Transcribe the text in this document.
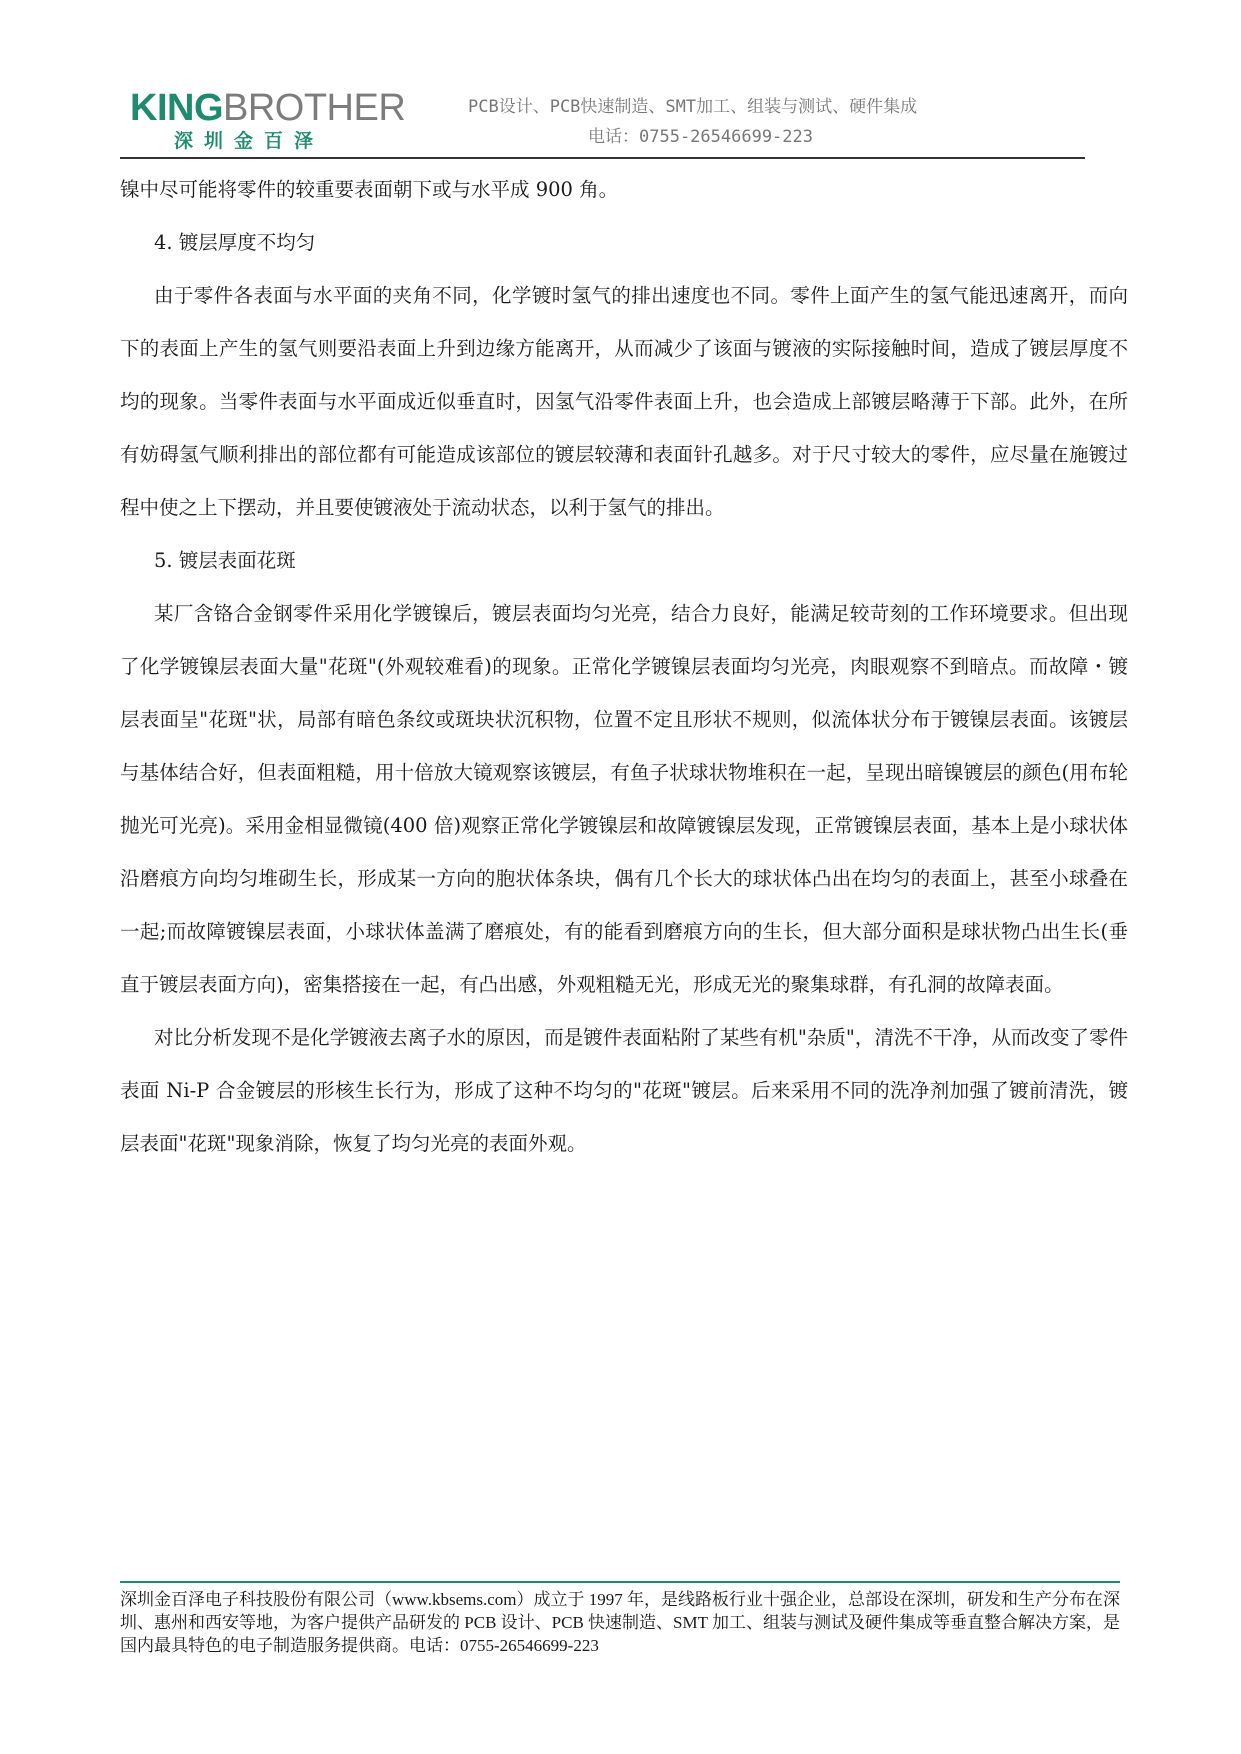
KINGBROTHER
深圳金百泽
PCB设计、PCB快速制造、SMT加工、组装与测试、硬件集成
电话：0755-26546699-223

镍中尽可能将零件的较重要表面朝下或与水平成 900 角。

4. 镀层厚度不均匀

由于零件各表面与水平面的夹角不同，化学镀时氢气的排出速度也不同。零件上面产生的氢气能迅速离开，而向下的表面上产生的氢气则要沿表面上升到边缘方能离开，从而减少了该面与镀液的实际接触时间，造成了镀层厚度不均的现象。当零件表面与水平面成近似垂直时，因氢气沿零件表面上升，也会造成上部镀层略薄于下部。此外，在所有妨碍氢气顺利排出的部位都有可能造成该部位的镀层较薄和表面针孔越多。对于尺寸较大的零件，应尽量在施镀过程中使之上下摆动，并且要使镀液处于流动状态，以利于氢气的排出。

5. 镀层表面花斑

某厂含铬合金钢零件采用化学镀镍后，镀层表面均匀光亮，结合力良好，能满足较苛刻的工作环境要求。但出现了化学镀镍层表面大量"花斑"(外观较难看)的现象。正常化学镀镍层表面均匀光亮，肉眼观察不到暗点。而故障・镀层表面呈"花斑"状，局部有暗色条纹或斑块状沉积物，位置不定且形状不规则，似流体状分布于镀镍层表面。该镀层与基体结合好，但表面粗糙，用十倍放大镜观察该镀层，有鱼子状球状物堆积在一起，呈现出暗镍镀层的颜色(用布轮抛光可光亮)。采用金相显微镜(400 倍)观察正常化学镀镍层和故障镀镍层发现，正常镀镍层表面，基本上是小球状体沿磨痕方向均匀堆砌生长，形成某一方向的胞状体条块，偶有几个长大的球状体凸出在均匀的表面上，甚至小球叠在一起;而故障镀镍层表面，小球状体盖满了磨痕处，有的能看到磨痕方向的生长，但大部分面积是球状物凸出生长(垂直于镀层表面方向)，密集搭接在一起，有凸出感，外观粗糙无光，形成无光的聚集球群，有孔洞的故障表面。

对比分析发现不是化学镀液去离子水的原因，而是镀件表面粘附了某些有机"杂质"，清洗不干净，从而改变了零件表面 Ni-P 合金镀层的形核生长行为，形成了这种不均匀的"花斑"镀层。后来采用不同的洗净剂加强了镀前清洗，镀层表面"花斑"现象消除，恢复了均匀光亮的表面外观。

深圳金百泽电子科技股份有限公司（www.kbsems.com）成立于 1997 年，是线路板行业十强企业，总部设在深圳，研发和生产分布在深圳、惠州和西安等地，为客户提供产品研发的 PCB 设计、PCB 快速制造、SMT 加工、组装与测试及硬件集成等垂直整合解决方案，是国内最具特色的电子制造服务提供商。电话：0755-26546699-223
